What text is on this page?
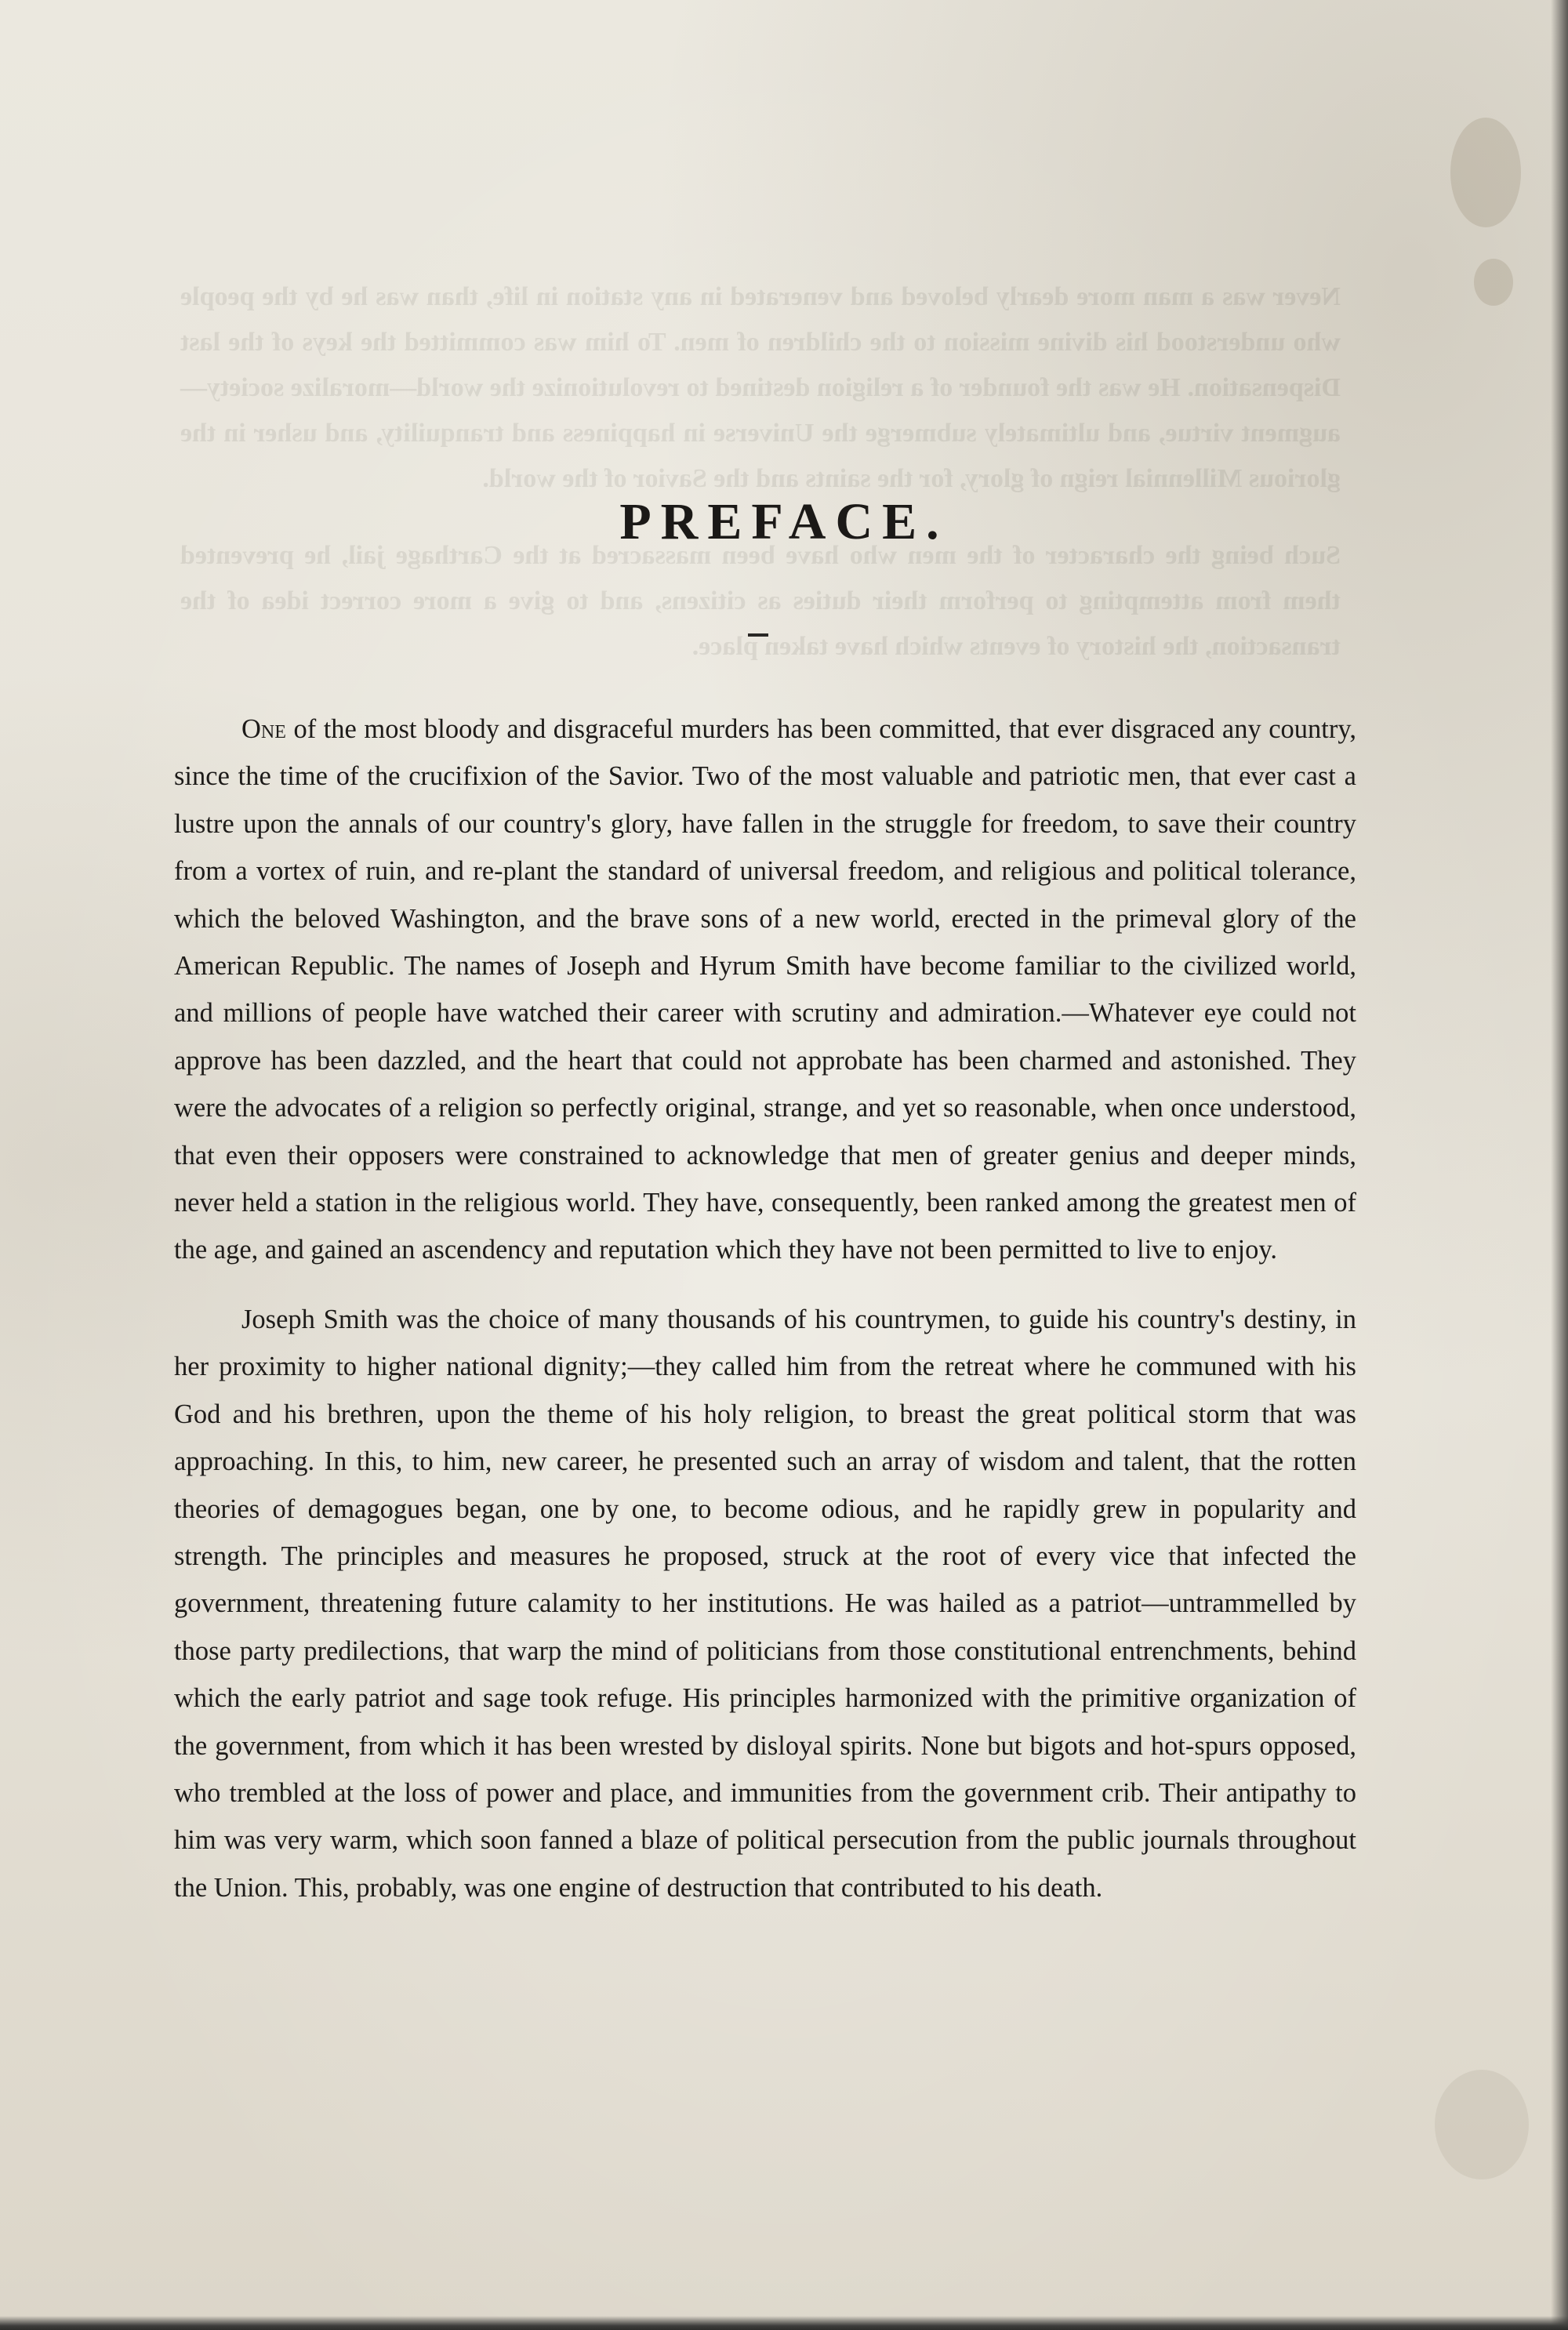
Never was a man more dearly beloved and venerated in any station in life, than was he by the people who understood his divine mission to the children of men. To him was committed the keys of the last Dispensation. He was the founder of a religion destined to revolutionize the world—moralize society—augment virtue, and ultimately submerge the Universe in happiness and tranquility, and usher in the glorious Millennial reign of glory, for the saints and the Savior of the world.

Such being the character of the men who have been massacred at the Carthage jail, he prevented them from attempting to perform their duties as citizens, and to give a more correct idea of the transaction, the history of events which have taken place.

PREFACE.

One of the most bloody and disgraceful murders has been committed, that ever disgraced any country, since the time of the crucifixion of the Savior. Two of the most valuable and patriotic men, that ever cast a lustre upon the annals of our country's glory, have fallen in the struggle for freedom, to save their country from a vortex of ruin, and re-plant the standard of universal freedom, and religious and political tolerance, which the beloved Washington, and the brave sons of a new world, erected in the primeval glory of the American Republic. The names of Joseph and Hyrum Smith have become familiar to the civilized world, and millions of people have watched their career with scrutiny and admiration.—Whatever eye could not approve has been dazzled, and the heart that could not approbate has been charmed and astonished. They were the advocates of a religion so perfectly original, strange, and yet so reasonable, when once understood, that even their opposers were constrained to acknowledge that men of greater genius and deeper minds, never held a station in the religious world. They have, consequently, been ranked among the greatest men of the age, and gained an ascendency and reputation which they have not been permitted to live to enjoy.

Joseph Smith was the choice of many thousands of his countrymen, to guide his country's destiny, in her proximity to higher national dignity;—they called him from the retreat where he communed with his God and his brethren, upon the theme of his holy religion, to breast the great political storm that was approaching. In this, to him, new career, he presented such an array of wisdom and talent, that the rotten theories of demagogues began, one by one, to become odious, and he rapidly grew in popularity and strength. The principles and measures he proposed, struck at the root of every vice that infected the government, threatening future calamity to her institutions. He was hailed as a patriot—untrammelled by those party predilections, that warp the mind of politicians from those constitutional entrenchments, behind which the early patriot and sage took refuge. His principles harmonized with the primitive organization of the government, from which it has been wrested by disloyal spirits. None but bigots and hot-spurs opposed, who trembled at the loss of power and place, and immunities from the government crib. Their antipathy to him was very warm, which soon fanned a blaze of political persecution from the public journals throughout the Union. This, probably, was one engine of destruction that contributed to his death.
